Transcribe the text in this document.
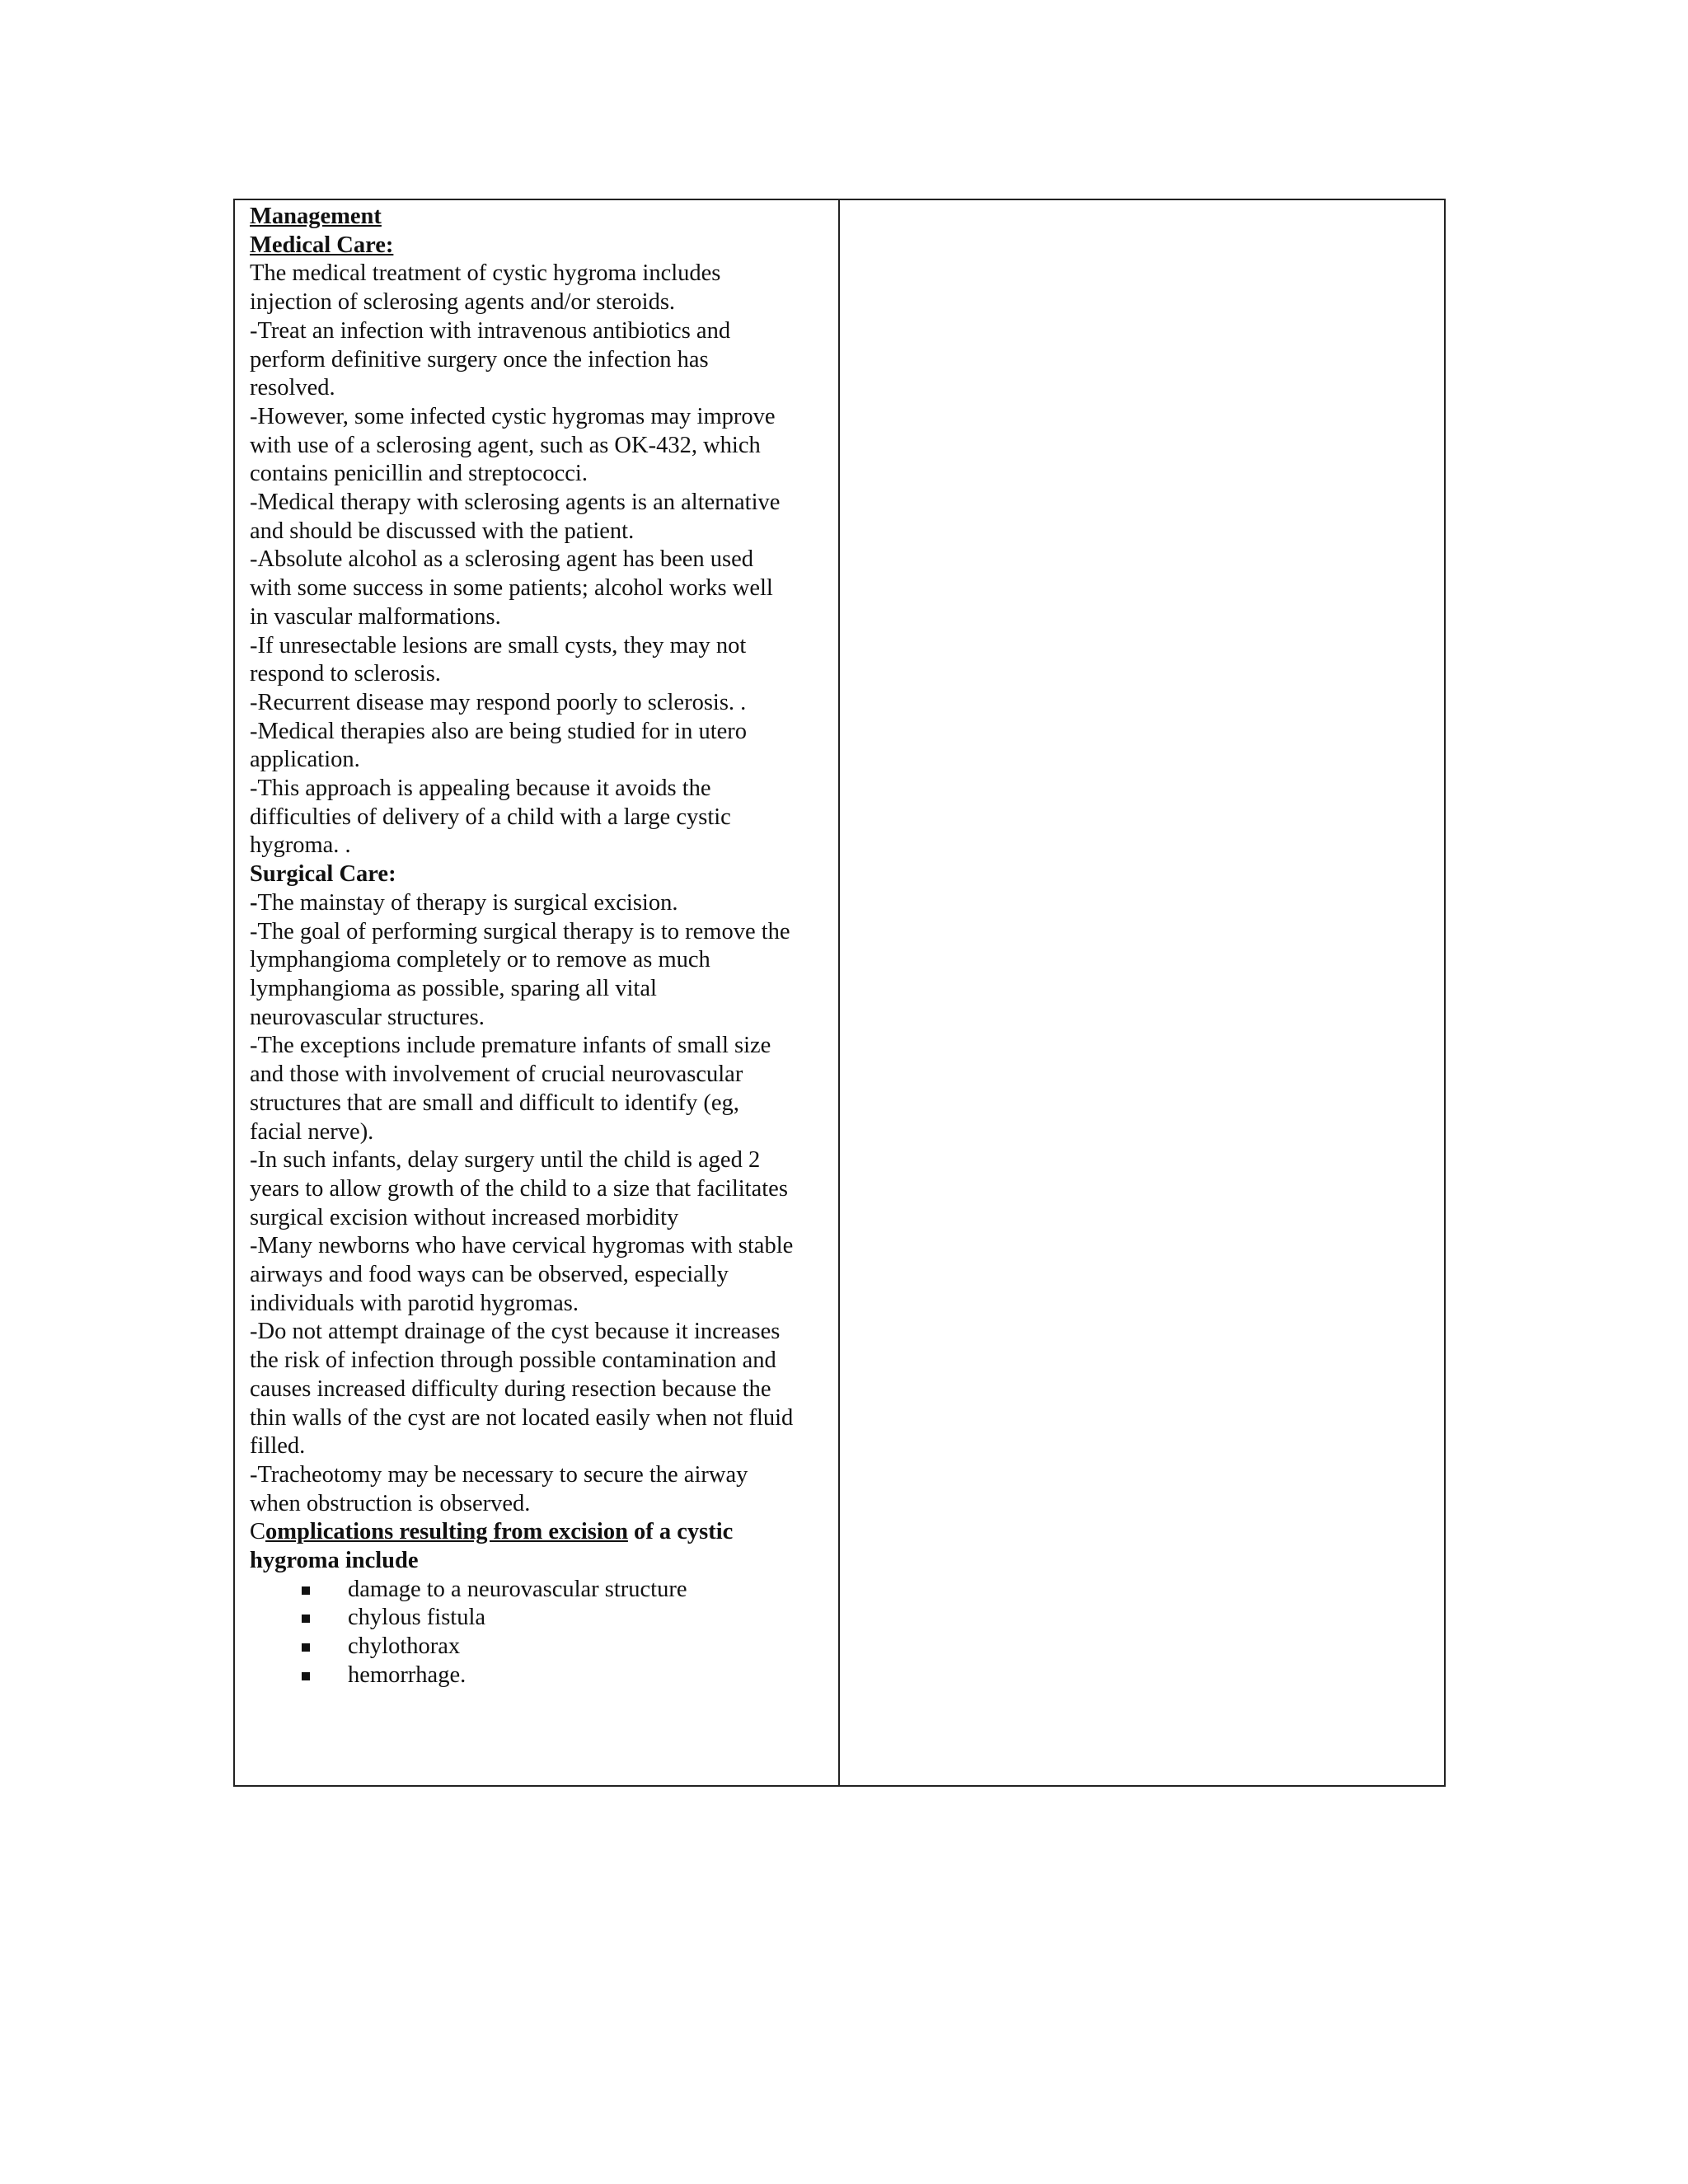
Management
Medical Care:
The medical treatment of cystic hygroma includes
injection of sclerosing agents and/or steroids.
-Treat an infection with intravenous antibiotics and
perform definitive surgery once the infection has
resolved.
-However, some infected cystic hygromas may improve
with use of a sclerosing agent, such as OK-432, which
contains penicillin and streptococci.
-Medical therapy with sclerosing agents is an alternative
and should be discussed with the patient.
-Absolute alcohol as a sclerosing agent has been used
with some success in some patients; alcohol works well
in vascular malformations.
-If unresectable lesions are small cysts, they may not
respond to sclerosis.
-Recurrent disease may respond poorly to sclerosis. .
-Medical therapies also are being studied for in utero
application.
-This approach is appealing because it avoids the
difficulties of delivery of a child with a large cystic
hygroma. .
Surgical Care:
-The mainstay of therapy is surgical excision.
-The goal of performing surgical therapy is to remove the
lymphangioma completely or to remove as much
lymphangioma as possible, sparing all vital
neurovascular structures.
-The exceptions include premature infants of small size
and those with involvement of crucial neurovascular
structures that are small and difficult to identify (eg,
facial nerve).
-In such infants, delay surgery until the child is aged 2
years to allow growth of the child to a size that facilitates
surgical excision without increased morbidity
-Many newborns who have cervical hygromas with stable
airways and food ways can be observed, especially
individuals with parotid hygromas.
-Do not attempt drainage of the cyst because it increases
the risk of infection through possible contamination and
causes increased difficulty during resection because the
thin walls of the cyst are not located easily when not fluid
filled.
-Tracheotomy may be necessary to secure the airway
when obstruction is observed.
Complications resulting from excision of a cystic
hygroma include
damage to a neurovascular structure
chylous fistula
chylothorax
hemorrhage.
